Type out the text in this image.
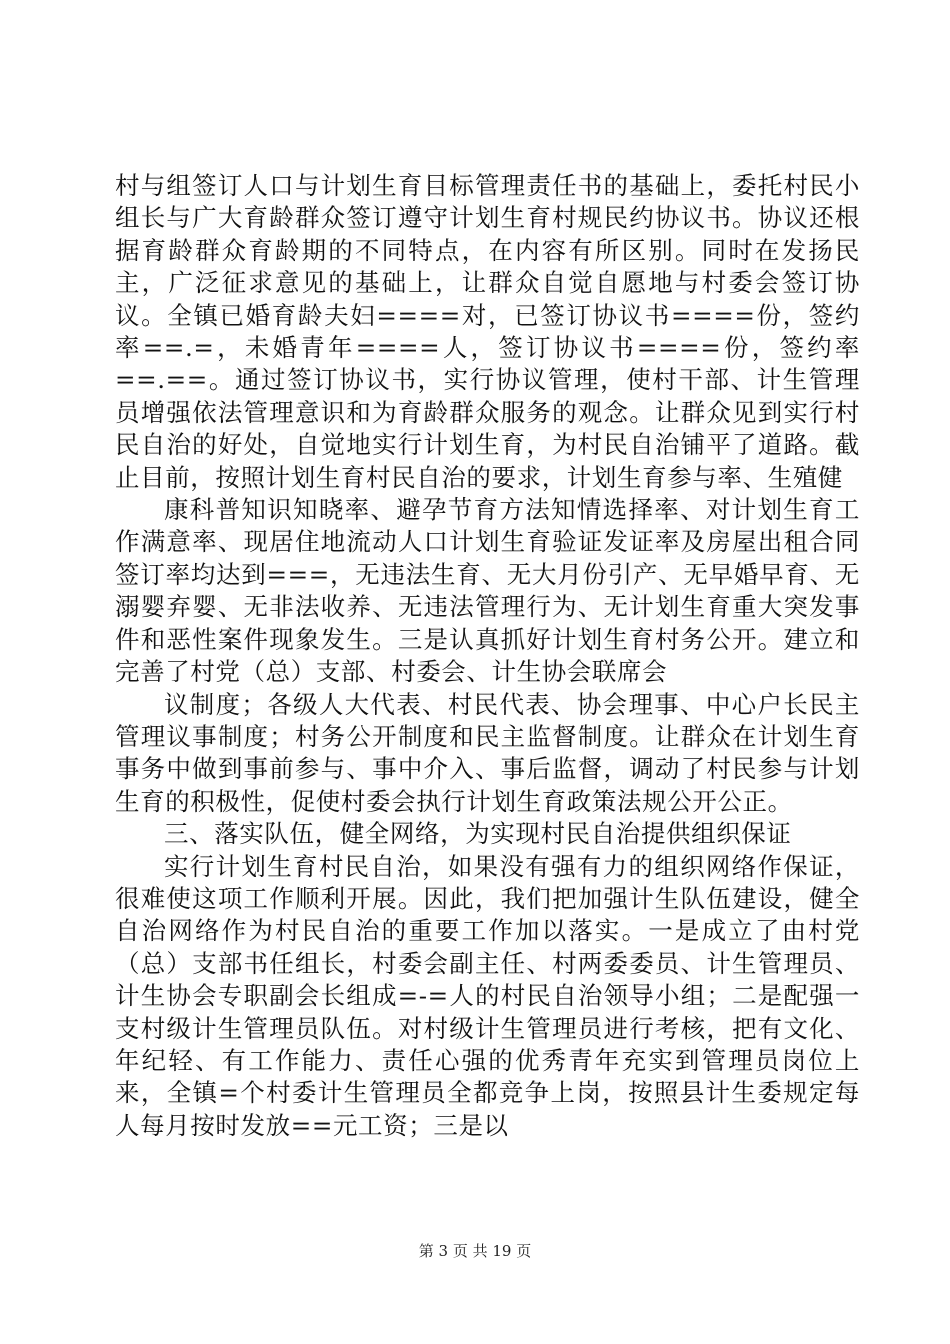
村与组签订人口与计划生育目标管理责任书的基础上，委托村民小组长与广大育龄群众签订遵守计划生育村规民约协议书。协议还根据育龄群众育龄期的不同特点，在内容有所区别。同时在发扬民主，广泛征求意见的基础上，让群众自觉自愿地与村委会签订协议。全镇已婚育龄夫妇====对，已签订协议书====份，签约率==.=，未婚青年====人，签订协议书====份，签约率==.==。通过签订协议书，实行协议管理，使村干部、计生管理员增强依法管理意识和为育龄群众服务的观念。让群众见到实行村民自治的好处，自觉地实行计划生育，为村民自治铺平了道路。截止目前，按照计划生育村民自治的要求，计划生育参与率、生殖健

康科普知识知晓率、避孕节育方法知情选择率、对计划生育工作满意率、现居住地流动人口计划生育验证发证率及房屋出租合同签订率均达到===，无违法生育、无大月份引产、无早婚早育、无溺婴弃婴、无非法收养、无违法管理行为、无计划生育重大突发事件和恶性案件现象发生。三是认真抓好计划生育村务公开。建立和完善了村党（总）支部、村委会、计生协会联席会

议制度；各级人大代表、村民代表、协会理事、中心户长民主管理议事制度；村务公开制度和民主监督制度。让群众在计划生育事务中做到事前参与、事中介入、事后监督，调动了村民参与计划生育的积极性，促使村委会执行计划生育政策法规公开公正。

三、落实队伍，健全网络，为实现村民自治提供组织保证

实行计划生育村民自治，如果没有强有力的组织网络作保证，很难使这项工作顺利开展。因此，我们把加强计生队伍建设，健全自治网络作为村民自治的重要工作加以落实。一是成立了由村党（总）支部书任组长，村委会副主任、村两委委员、计生管理员、计生协会专职副会长组成=-=人的村民自治领导小组；二是配强一支村级计生管理员队伍。对村级计生管理员进行考核，把有文化、年纪轻、有工作能力、责任心强的优秀青年充实到管理员岗位上来，全镇=个村委计生管理员全都竞争上岗，按照县计生委规定每人每月按时发放==元工资；三是以

第 3 页 共 19 页
